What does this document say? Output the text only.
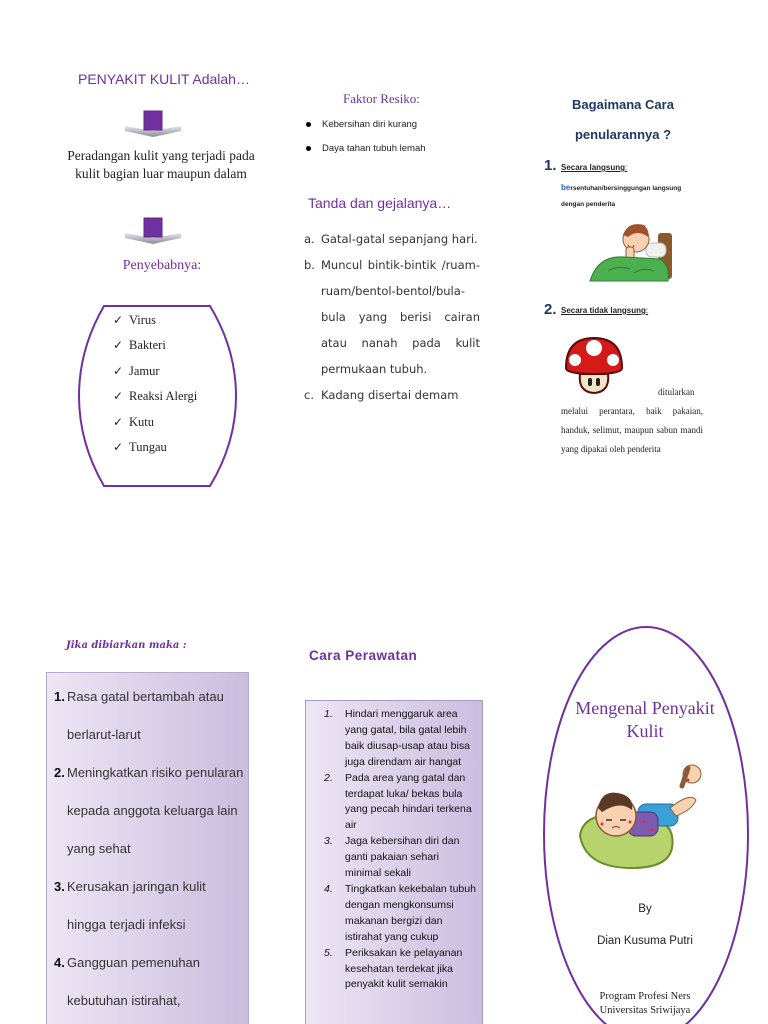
PENYAKIT KULIT Adalah…
Peradangan kulit yang terjadi pada kulit bagian luar maupun dalam
Penyebabnya:
✓ Virus
✓ Bakteri
✓ Jamur
✓ Reaksi Alergi
✓ Kutu
✓ Tungau
Faktor Resiko:
Kebersihan diri kurang
Daya tahan tubuh lemah
Tanda dan gejalanya…
a. Gatal-gatal sepanjang hari.
b. Muncul bintik-bintik /ruam-ruam/bentol-bentol/bula-bula yang berisi cairan atau nanah pada kulit permukaan tubuh.
c. Kadang disertai demam
Bagaimana Cara penularannya ?
1. Secara langsung:
bersentuhan/bersinggungan langsung dengan penderita
2. Secara tidak langsung:
ditularkan melalui perantara, baik pakaian, handuk, selimut, maupun sabun mandi yang dipakai oleh penderita
Jika dibiarkan maka :
1. Rasa gatal bertambah atau berlarut-larut
2. Meningkatkan risiko penularan kepada anggota keluarga lain yang sehat
3. Kerusakan jaringan kulit hingga terjadi infeksi
4. Gangguan pemenuhan kebutuhan istirahat,
Cara Perawatan
1. Hindari menggaruk area yang gatal, bila gatal lebih baik diusap-usap atau bisa juga direndam air hangat
2. Pada area yang gatal dan terdapat luka/ bekas bula yang pecah hindari terkena air
3. Jaga kebersihan diri dan ganti pakaian sehari minimal sekali
4. Tingkatkan kekebalan tubuh dengan mengkonsumsi makanan bergizi dan istirahat yang cukup
5. Periksakan ke pelayanan kesehatan terdekat jika penyakit kulit semakin
Mengenal Penyakit Kulit
By
Dian Kusuma Putri
Program Profesi Ners Universitas Sriwijaya
